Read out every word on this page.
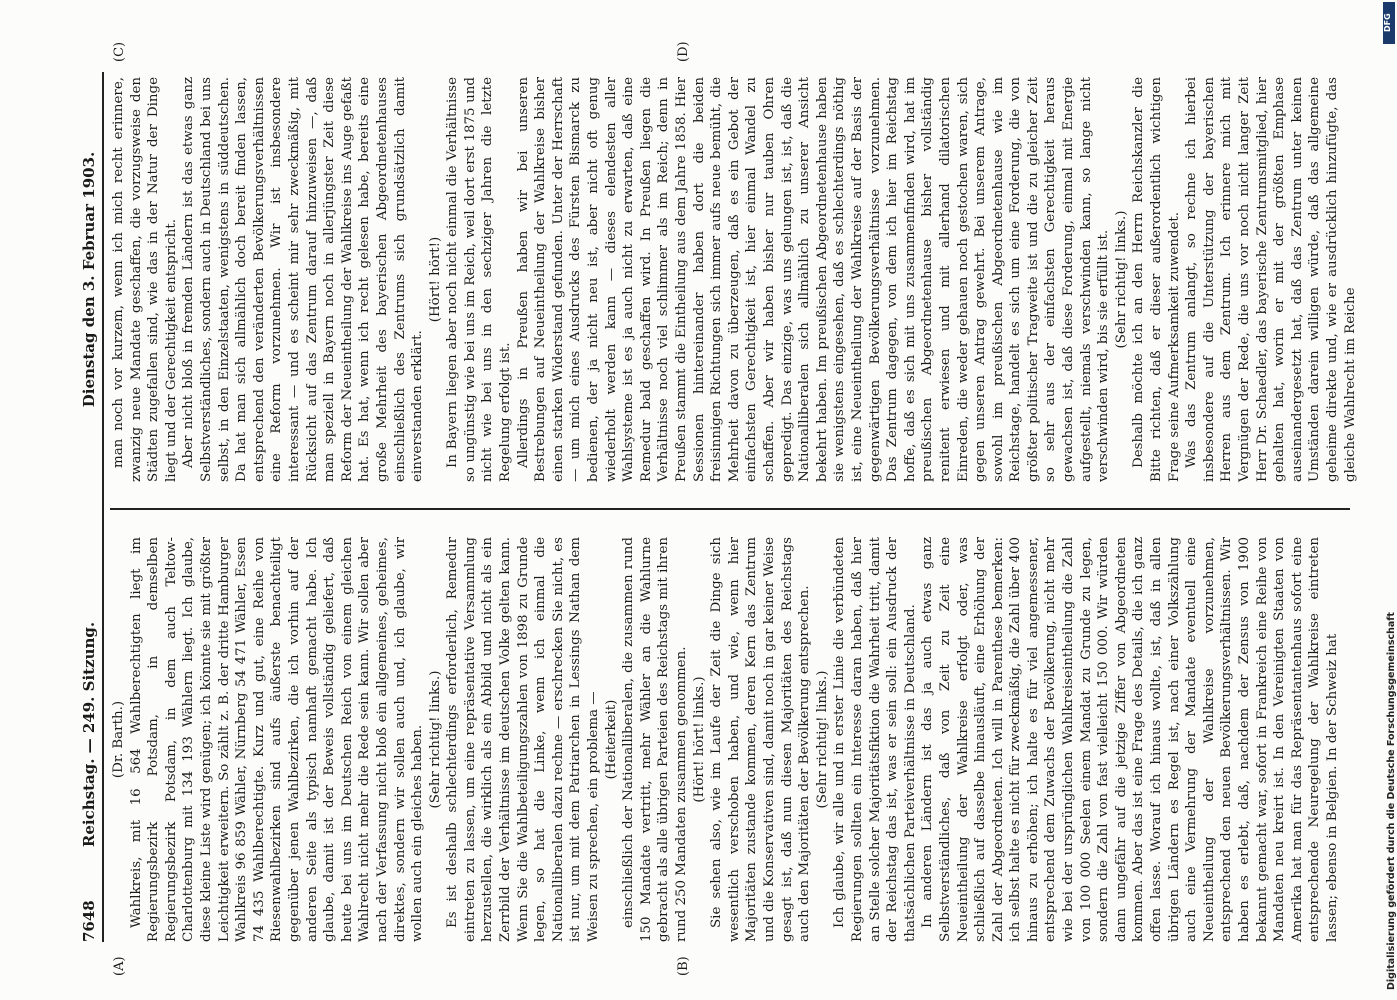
7648
Reichstag. — 249. Sitzung.
Dienstag den 3. Februar 1903.
(A)	(B)
(C)	(D)

(Dr. Barth.) Wahlkreis, mit 16 564 Wahlberechtigten liegt im Regierungsbezirk Potsdam, in demselben Regierungsbezirk Potsdam, in dem auch Teltow-Charlottenburg mit 134 193 Wählern liegt. Ich glaube, diese kleine Liste wird genügen; ich könnte sie mit größter Leichtigkeit erweitern. So zählt z. B. der dritte Hamburger Wahlkreis 96 859 Wähler, Nürnberg 54 471 Wähler, Essen 74 435 Wahlberechtigte. Kurz und gut, eine Reihe von Riesenwahlbezirken sind aufs äußerste benachteiligt gegenüber jenen Wahlbezirken, die ich vorhin auf der anderen Seite als typisch namhaft gemacht habe. Ich glaube, damit ist der Beweis vollständig geliefert, daß heute bei uns im Deutschen Reich von einem gleichen Wahlrecht nicht mehr die Rede sein kann. Wir sollen aber nach der Verfassung nicht bloß ein allgemeines, geheimes, direktes, sondern wir sollen auch und, ich glaube, wir wollen auch ein gleiches haben. (Sehr richtig! links.) Es ist deshalb schlechterdings erforderlich, Remedur eintreten zu lassen, um eine repräsentative Versammlung herzustellen, die wirklich als ein Abbild und nicht als ein Zerrbild der Verhältnisse im deutschen Volke gelten kann. Wenn Sie die Wahlbeteiligungszahlen von 1898 zu Grunde legen, so hat die Linke, wenn ich einmal die Nationalliberalen dazu rechne — erschrecken Sie nicht, es ist nur, um mit dem Patriarchen in Lessings Nathan dem Weisen zu sprechen, ein problema — (Heiterkeit) einschließlich der Nationalliberalen, die zusammen rund 150 Mandate vertritt, mehr Wähler an die Wahlurne gebracht als alle übrigen Parteien des Reichstags mit ihren rund 250 Mandaten zusammen genommen. (Hört! hört! links.) Sie sehen also, wie im Laufe der Zeit die Dinge sich wesentlich verschoben haben, und wie, wenn hier Majoritäten zustande kommen, deren Kern das Zentrum und die Konservativen sind, damit noch in gar keiner Weise gesagt ist, daß nun diesen Majoritäten des Reichstags auch den Majoritäten der Bevölkerung entsprechen. (Sehr richtig! links.) Ich glaube, wir alle und in erster Linie die verbündeten Regierungen sollten ein Interesse daran haben, daß hier an Stelle solcher Majoritätsfiktion die Wahrheit tritt, damit der Reichstag das ist, was er sein soll: ein Ausdruck der thatsächlichen Parteiverhältnisse in Deutschland. In anderen Ländern ist das ja auch etwas ganz Selbstverständliches, daß von Zeit zu Zeit eine Neueintheilung der Wahlkreise erfolgt oder, was schließlich auf dasselbe hinausläuft, eine Erhöhung der Zahl der Abgeordneten. Ich will in Parenthese bemerken: ich selbst halte es nicht für zweckmäßig, die Zahl über 400 hinaus zu erhöhen; ich halte es für viel angemessener, entsprechend dem Zuwachs der Bevölkerung, nicht mehr wie bei der ursprünglichen Wahlkreiseintheilung die Zahl von 100 000 Seelen einem Mandat zu Grunde zu legen, sondern die Zahl von fast vielleicht 150 000. Wir würden dann ungefähr auf die jetzige Ziffer von Abgeordneten kommen. Aber das ist eine Frage des Details, die ich ganz offen lasse. Worauf ich hinaus wollte, ist, daß in allen übrigen Ländern es Regel ist, nach einer Volkszählung auch eine Vermehrung der Mandate eventuell eine Neueintheilung der Wahlkreise vorzunehmen, entsprechend den neuen Bevölkerungsverhältnissen. Wir haben es erlebt, daß, nachdem der Zensus von 1900 bekannt gemacht war, sofort in Frankreich eine Reihe von Mandaten neu kreirt ist. In den Vereinigten Staaten von Amerika hat man für das Repräsentantenhaus sofort eine entsprechende Neuregelung der Wahlkreise eintreten lassen; ebenso in Belgien. In der Schweiz hat

man noch vor kurzem, wenn ich mich recht erinnere, zwanzig neue Mandate geschaffen, die vorzugsweise den Städten zugefallen sind, wie das in der Natur der Dinge liegt und der Gerechtigkeit entspricht. Aber nicht bloß in fremden Ländern ist das etwas ganz Selbstverständliches, sondern auch in Deutschland bei uns selbst, in den Einzelstaaten, wenigstens in süddeutschen. Da hat man sich allmählich doch bereit finden lassen, entsprechend den veränderten Bevölkerungsverhältnissen eine Reform vorzunehmen. Wir ist insbesondere interessant — und es scheint mir sehr zweckmäßig, mit Rücksicht auf das Zentrum darauf hinzuweisen —, daß man speziell in Bayern noch in allerjüngster Zeit diese Reform der Neueintheilung der Wahlkreise ins Auge gefaßt hat. Es hat, wenn ich recht gelesen habe, bereits eine große Mehrheit des bayerischen Abgeordnetenhauses einschließlich des Zentrums sich grundsätzlich damit einverstanden erklärt.

(Hört! hört!) In Bayern liegen aber noch nicht einmal die Verhältnisse so ungünstig wie bei uns im Reich, weil dort erst 1875 und nicht wie bei uns in den sechziger Jahren die letzte Regelung erfolgt ist. Allerdings in Preußen haben wir bei unseren Bestrebungen auf Neueintheilung der Wahlkreise bisher einen starken Widerstand gefunden. Unter der Herrschaft — um mich eines Ausdrucks des Fürsten Bismarck zu bedienen, der ja nicht neu ist, aber nicht oft genug wiederholt werden kann — dieses elendesten aller Wahlsysteme ist es ja auch nicht zu erwarten, daß eine Remedur bald geschaffen wird. In Preußen liegen die Verhältnisse noch viel schlimmer als im Reich; denn in Preußen stammt die Eintheilung aus dem Jahre 1858. Hier Sessionen hintereinander haben dort die beiden freisinnigen Richtungen sich immer aufs neue bemüht, die Mehrheit davon zu überzeugen, daß es ein Gebot der einfachsten Gerechtigkeit ist, hier einmal Wandel zu schaffen. Aber wir haben bisher nur tauben Ohren gepredigt. Das einzige, was uns gelungen ist, ist, daß die Nationalliberalen sich allmählich zu unserer Ansicht bekehrt haben. Im preußischen Abgeordnetenhause haben sie wenigstens eingesehen, daß es schlechterdings nöthig ist, eine Neueintheilung der Wahlkreise auf der Basis der gegenwärtigen Bevölkerungsverhältnisse vorzunehmen. Das Zentrum dagegen, von dem ich hier im Reichstag hoffe, daß es sich mit uns zusammenfinden wird, hat im preußischen Abgeordnetenhause bisher vollständig renitent erwiesen und mit allerhand dilatorischen Einreden, die weder gehauen noch gestochen waren, sich gegen unseren Antrag gewehrt. Bei unserem Antrage, sowohl im preußischen Abgeordnetenhause wie im Reichstage, handelt es sich um eine Forderung, die von größter politischer Tragweite ist und die zu gleicher Zeit so sehr aus der einfachsten Gerechtigkeit heraus gewachsen ist, daß diese Forderung, einmal mit Energie aufgestellt, niemals verschwinden kann, so lange nicht verschwinden wird, bis sie erfüllt ist. (Sehr richtig! links.) Deshalb möchte ich an den Herrn Reichskanzler die Bitte richten, daß er dieser außerordentlich wichtigen Frage seine Aufmerksamkeit zuwendet. Was das Zentrum anlangt, so rechne ich hierbei insbesondere auf die Unterstützung der bayerischen Herren aus dem Zentrum. Ich erinnere mich mit Vergnügen der Rede, die uns vor noch nicht langer Zeit Herr Dr. Schaedler, das bayerische Zentrumsmitglied, hier gehalten hat, worin er mit der größten Emphase auseinandergesetzt hat, daß das Zentrum unter keinen Umständen darein willigen würde, daß das allgemeine geheime direkte und, wie er ausdrücklich hinzufügte, das gleiche Wahlrecht im Reiche

DFG
Digitalisierung gefördert durch die Deutsche Forschungsgemeinschaft
